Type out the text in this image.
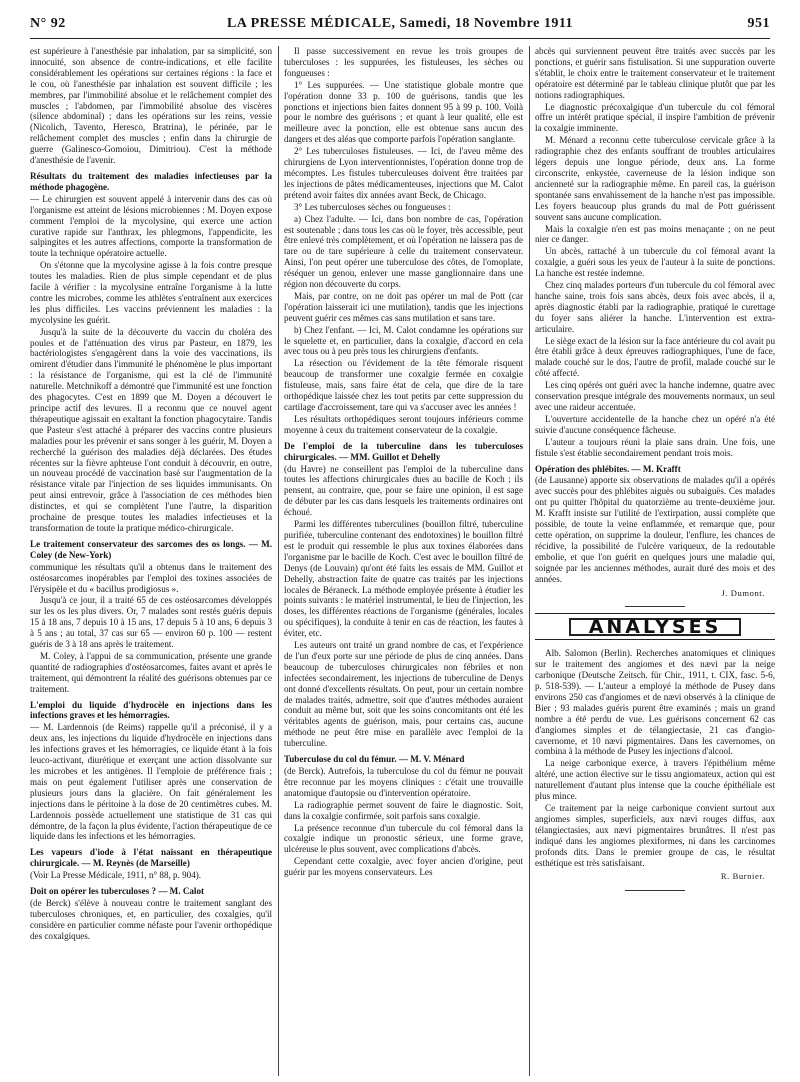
N° 92	LA PRESSE MÉDICALE, Samedi, 18 Novembre 1911	951

est supérieure à l'anesthésie par inhalation, par sa simplicité, son innocuité, son absence de contre-indications, et elle facilite considérablement les opérations sur certaines régions : la face et le cou, où l'anesthésie par inhalation est souvent difficile ; les membres, par l'immobilité absolue et le relâchement complet des muscles ; l'abdomen, par l'immobilité absolue des viscères (silence abdominal) ; dans les opérations sur les reins, vessie (Nicolich, Tavento, Heresco, Bratrina), le périnée, par le relâchement complet des muscles ; enfin dans la chirurgie de guerre (Galinesco-Gomoiou, Dimitriou). C'est la méthode d'anesthésie de l'avenir.

Résultats du traitement des maladies infectieuses par la méthode phagogène.

— Le chirurgien est souvent appelé à intervenir dans des cas où l'organisme est atteint de lésions microbiennes : M. Doyen expose comment l'emploi de la mycolysine, qui exerce une action curative rapide sur l'anthrax, les phlegmons, l'appendicite, les salpingites et les autres affections, comporte la transformation de toute la technique opératoire actuelle.

On s'étonne que la mycolysine agisse à la fois contre presque toutes les maladies. Rien de plus simple cependant et de plus facile à vérifier : la mycolysine entraîne l'organisme à la lutte contre les microbes, comme les athlètes s'entraînent aux exercices les plus difficiles. Les vaccins préviennent les maladies : la mycolysine les guérit.

Jusqu'à la suite de la découverte du vaccin du choléra des poules et de l'atténuation des virus par Pasteur, en 1879, les bactériologistes s'engagèrent dans la voie des vaccinations, ils omirent d'étudier dans l'immunité le phénomène le plus important : la résistance de l'organisme, qui est la clé de l'immunité naturelle. Metchnikoff a démontré que l'immunité est une fonction des phagocytes. C'est en 1899 que M. Doyen a découvert le principe actif des levures. Il a reconnu que ce nouvel agent thérapeutique agissait en exaltant la fonction phagocytaire. Tandis que Pasteur s'est attaché à préparer des vaccins contre plusieurs maladies pour les prévenir et sans songer à les guérir, M. Doyen a recherché la guérison des maladies déjà déclarées. Des études récentes sur la fièvre aphteuse l'ont conduit à découvrir, en outre, un nouveau procédé de vaccination basé sur l'augmentation de la résistance vitale par l'injection de ses liquides immunisants. On peut ainsi entrevoir, grâce à l'association de ces méthodes bien distinctes, et qui se complètent l'une l'autre, la disparition prochaine de presque toutes les maladies infectieuses et la transformation de toute la pratique médico-chirurgicale.

Le traitement conservateur des sarcomes des os longs. — M. Coley (de New-York)

communique les résultats qu'il a obtenus dans le traitement des ostéosarcomes inopérables par l'emploi des toxines associées de l'érysipèle et du « bacillus prodigiosus ».

Jusqu'à ce jour, il a traité 65 de ces ostéosarcomes développés sur les os les plus divers. Or, 7 malades sont restés guéris depuis 15 à 18 ans, 7 depuis 10 à 15 ans, 17 depuis 5 à 10 ans, 6 depuis 3 à 5 ans ; au total, 37 cas sur 65 — environ 60 p. 100 — restent guéris de 3 à 18 ans après le traitement.

M. Coley, à l'appui de sa communication, présente une grande quantité de radiographies d'ostéosarcomes, faites avant et après le traitement, qui démontrent la réalité des guérisons obtenues par ce traitement.

L'emploi du liquide d'hydrocèle en injections dans les infections graves et les hémorragies.

— M. Lardennois (de Reims) rappelle qu'il a préconisé, il y a deux ans, les injections du liquide d'hydrocèle en injections dans les infections graves et les hémorragies, ce liquide étant à la fois leuco-activant, diurétique et exerçant une action dissolvante sur les microbes et les antigènes. Il l'emploie de préférence frais ; mais on peut également l'utiliser après une conservation de plusieurs jours dans la glacière. On fait généralement les injections dans le péritoine à la dose de 20 centimètres cubes. M. Lardennois possède actuellement une statistique de 31 cas qui démontre, de la façon la plus évidente, l'action thérapeutique de ce liquide dans les infections et les hémorragies.

Les vapeurs d'iode à l'état naissant en thérapeutique chirurgicale. — M. Reynès (de Marseille)

(Voir La Presse Médicale, 1911, n° 88, p. 904).

Doit on opérer les tuberculoses ? — M. Calot

(de Berck) s'élève à nouveau contre le traitement sanglant des tuberculoses chroniques, et, en particulier, des coxalgies, qu'il considère en particulier comme néfaste pour l'avenir orthopédique des coxalgiques.

Il passe successivement en revue les trois groupes de tuberculoses : les suppurées, les fistuleuses, les sèches ou fongueuses :

1° Les suppurées. — Une statistique globale montre que l'opération donne 33 p. 100 de guérisons, tandis que les ponctions et injections bien faites donnent 95 à 99 p. 100. Voilà pour le nombre des guérisons ; et quant à leur qualité, elle est meilleure avec la ponction, elle est obtenue sans aucun des dangers et des aléas que comporte parfois l'opération sanglante.

2° Les tuberculoses fistuleuses. — Ici, de l'aveu même des chirurgiens de Lyon interventionnistes, l'opération donne trop de mécomptes. Les fistules tuberculeuses doivent être traitées par les injections de pâtes médicamenteuses, injections que M. Calot prétend avoir faites dix années avant Beck, de Chicago.

3° Les tuberculoses sèches ou fongueuses :

a) Chez l'adulte. — Ici, dans bon nombre de cas, l'opération est soutenable ; dans tous les cas où le foyer, très accessible, peut être enlevé très complètement, et où l'opération ne laissera pas de tare ou de tare supérieure à celle du traitement conservateur. Ainsi, l'on peut opérer une tuberculose des côtes, de l'omoplate, réséquer un genou, enlever une masse ganglionnaire dans une région non découverte du corps.

Mais, par contre, on ne doit pas opérer un mal de Pott (car l'opération laisserait ici une mutilation), tandis que les injections peuvent guérir ces mêmes cas sans mutilation et sans tare.

b) Chez l'enfant. — Ici, M. Calot condamne les opérations sur le squelette et, en particulier, dans la coxalgie, d'accord en cela avec tous ou à peu près tous les chirurgiens d'enfants.

La résection ou l'évidement de la tête fémorale risquent beaucoup de transformer une coxalgie fermée en coxalgie fistuleuse, mais, sans faire état de cela, que dire de la tare orthopédique laissée chez les tout petits par cette suppression du cartilage d'accroissement, tare qui va s'accuser avec les années !

Les résultats orthopédiques seront toujours inférieurs comme moyenne à ceux du traitement conservateur de la coxalgie.

De l'emploi de la tuberculine dans les tuberculoses chirurgicales. — MM. Guillot et Dehelly

(du Havre) ne conseillent pas l'emploi de la tuberculine dans toutes les affections chirurgicales dues au bacille de Koch ; ils pensent, au contraire, que, pour se faire une opinion, il est sage de débuter par les cas dans lesquels les traitements ordinaires ont échoué.

Parmi les différentes tuberculines (bouillon filtré, tuberculine purifiée, tuberculine contenant des endotoxines) le bouillon filtré est le produit qui ressemble le plus aux toxines élaborées dans l'organisme par le bacille de Koch. C'est avec le bouillon filtré de Denys (de Louvain) qu'ont été faits les essais de MM. Guillot et Dehelly, abstraction faite de quatre cas traités par les injections locales de Béraneck. La méthode employée présente à étudier les points suivants : le matériel instrumental, le lieu de l'injection, les doses, les différentes réactions de l'organisme (générales, locales ou spécifiques), la conduite à tenir en cas de réaction, les fautes à éviter, etc.

Les auteurs ont traité un grand nombre de cas, et l'expérience de l'un d'eux porte sur une période de plus de cinq années. Dans beaucoup de tuberculoses chirurgicales non fébriles et non infectées secondairement, les injections de tuberculine de Denys ont donné d'excellents résultats. On peut, pour un certain nombre de malades traités, admettre, soit que d'autres méthodes auraient conduit au même but, soit que les soins concomitants ont été les véritables agents de guérison, mais, pour certains cas, aucune méthode ne peut être mise en parallèle avec l'emploi de la tuberculine.

Tuberculose du col du fémur. — M. V. Ménard

(de Berck). Autrefois, la tuberculose du col du fémur ne pouvait être reconnue par les moyens cliniques : c'était une trouvaille anatomique d'autopsie ou d'intervention opératoire.

La radiographie permet souvent de faire le diagnostic. Soit, dans la coxalgie confirmée, soit parfois sans coxalgie.

La présence reconnue d'un tubercule du col fémoral dans la coxalgie indique un pronostic sérieux, une forme grave, ulcéreuse le plus souvent, avec complications d'abcès.

Cependant cette coxalgie, avec foyer ancien d'origine, peut guérir par les moyens conservateurs. Les

abcès qui surviennent peuvent être traités avec succès par les ponctions, et guérir sans fistulisation. Si une suppuration ouverte s'établit, le choix entre le traitement conservateur et le traitement opératoire est déterminé par le tableau clinique plutôt que par les notions radiographiques.

Le diagnostic précoxalgique d'un tubercule du col fémoral offre un intérêt pratique spécial, il inspire l'ambition de prévenir la coxalgie imminente.

M. Ménard a reconnu cette tuberculose cervicale grâce à la radiographie chez des enfants souffrant de troubles articulaires légers depuis une longue période, deux ans. La forme circonscrite, enkystée, caverneuse de la lésion indique son ancienneté sur la radiographie même. En pareil cas, la guérison spontanée sans envahissement de la hanche n'est pas impossible. Les foyers beaucoup plus grands du mal de Pott guérissent souvent sans aucune complication.

Mais la coxalgie n'en est pas moins menaçante ; on ne peut nier ce danger.

Un abcès, rattaché à un tubercule du col fémoral avant la coxalgie, a guéri sous les yeux de l'auteur à la suite de ponctions. La hanche est restée indemne.

Chez cinq malades porteurs d'un tubercule du col fémoral avec hanche saine, trois fois sans abcès, deux fois avec abcès, il a, après diagnostic établi par la radiographie, pratiqué le curettage du foyer sans aliérer la hanche. L'intervention est extra-articulaire.

Le siège exact de la lésion sur la face antérieure du col avait pu être établi grâce à deux épreuves radiographiques, l'une de face, malade couché sur le dos, l'autre de profil, malade couché sur le côté affecté.

Les cinq opérés ont guéri avec la hanche indemne, quatre avec conservation presque intégrale des mouvements normaux, un seul avec une raideur accentuée.

L'ouverture accidentelle de la hanche chez un opéré n'a été suivie d'aucune conséquence fâcheuse.

L'auteur a toujours réuni la plaie sans drain. Une fois, une fistule s'est établie secondairement pendant trois mois.

Opération des phlébites. — M. Krafft

(de Lausanne) apporte six observations de malades qu'il a opérés avec succès pour des phlébites aiguës ou subaiguës. Ces malades ont pu quitter l'hôpital du quatorzième au trente-deuxième jour. M. Krafft insiste sur l'utilité de l'extirpation, aussi complète que possible, de toute la veine enflammée, et remarque que, pour cette opération, on supprime la douleur, l'enflure, les chances de récidive, la possibilité de l'ulcère variqueux, de la redoutable embolie, et que l'on guérit en quelques jours une maladie qui, soignée par les anciennes méthodes, aurait duré des mois et des années.

J. Dumont.

ANALYSES

Alb. Salomon (Berlin). Recherches anatomiques et cliniques sur le traitement des angiomes et des nævi par la neige carbonique (Deutsche Zeitsch. für Chir., 1911, t. CIX, fasc. 5-6, p. 518-539). — L'auteur a employé la méthode de Pusey dans environs 250 cas d'angiomes et de nævi observés à la clinique de Bier ; 93 malades guéris purent être examinés ; mais un grand nombre a été perdu de vue. Les guérisons concernent 62 cas d'angiomes simples et de télangiectasie, 21 cas d'angio-cavernome, et 10 nævi pigmentaires. Dans les cavernomes, on combina à la méthode de Pusey les injections d'alcool.

La neige carbonique exerce, à travers l'épithélium même altéré, une action élective sur le tissu angiomateux, action qui est naturellement d'autant plus intense que la couche épithéliale est plus mince.

Ce traitement par la neige carbonique convient surtout aux angiomes simples, superficiels, aux nævi rouges diffus, aux télangiectasies, aux nævi pigmentaires brunâtres. Il n'est pas indiqué dans les angiomes plexiformes, ni dans les carcinomes profonds dits. Dans le premier groupe de cas, le résultat esthétique est très satisfaisant.

R. Burnier.
